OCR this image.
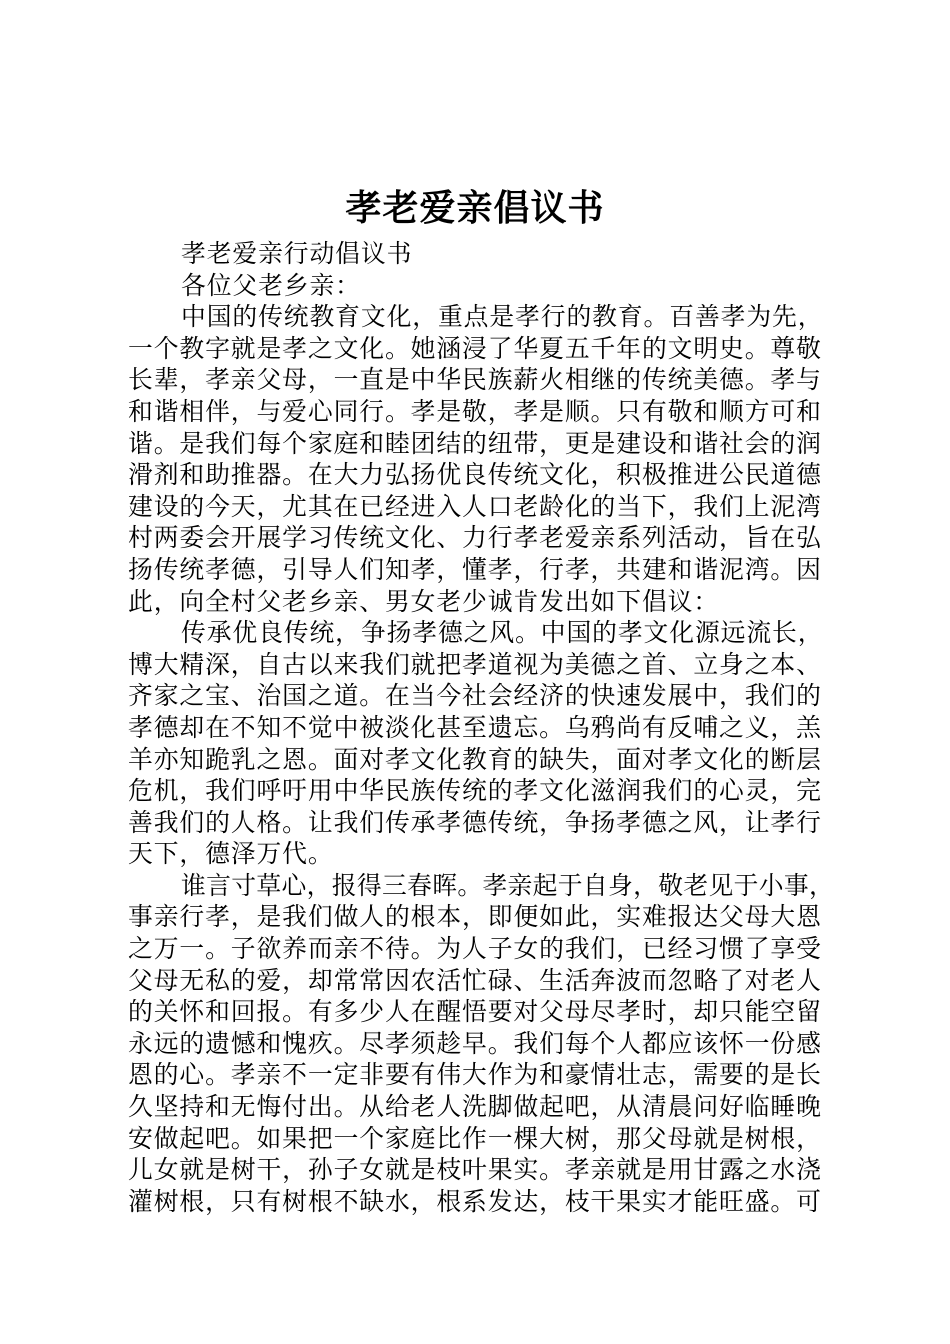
孝老爱亲倡议书
孝老爱亲行动倡议书
各位父老乡亲：
中国的传统教育文化，重点是孝行的教育。百善孝为先，
一个教字就是孝之文化。她涵浸了华夏五千年的文明史。尊敬
长辈，孝亲父母，一直是中华民族薪火相继的传统美德。孝与
和谐相伴，与爱心同行。孝是敬，孝是顺。只有敬和顺方可和
谐。是我们每个家庭和睦团结的纽带，更是建设和谐社会的润
滑剂和助推器。在大力弘扬优良传统文化，积极推进公民道德
建设的今天，尤其在已经进入人口老龄化的当下，我们上泥湾
村两委会开展学习传统文化、力行孝老爱亲系列活动，旨在弘
扬传统孝德，引导人们知孝，懂孝，行孝，共建和谐泥湾。因
此，向全村父老乡亲、男女老少诚肯发出如下倡议：
传承优良传统，争扬孝德之风。中国的孝文化源远流长，
博大精深，自古以来我们就把孝道视为美德之首、立身之本、
齐家之宝、治国之道。在当今社会经济的快速发展中，我们的
孝德却在不知不觉中被淡化甚至遗忘。乌鸦尚有反哺之义，羔
羊亦知跪乳之恩。面对孝文化教育的缺失，面对孝文化的断层
危机，我们呼吁用中华民族传统的孝文化滋润我们的心灵，完
善我们的人格。让我们传承孝德传统，争扬孝德之风，让孝行
天下，德泽万代。
谁言寸草心，报得三春晖。孝亲起于自身，敬老见于小事，
事亲行孝，是我们做人的根本，即便如此，实难报达父母大恩
之万一。子欲养而亲不待。为人子女的我们，已经习惯了享受
父母无私的爱，却常常因农活忙碌、生活奔波而忽略了对老人
的关怀和回报。有多少人在醒悟要对父母尽孝时，却只能空留
永远的遗憾和愧疚。尽孝须趁早。我们每个人都应该怀一份感
恩的心。孝亲不一定非要有伟大作为和豪情壮志，需要的是长
久坚持和无悔付出。从给老人洗脚做起吧，从清晨问好临睡晚
安做起吧。如果把一个家庭比作一棵大树，那父母就是树根，
儿女就是树干，孙子女就是枝叶果实。孝亲就是用甘露之水浇
灌树根，只有树根不缺水，根系发达，枝干果实才能旺盛。可
